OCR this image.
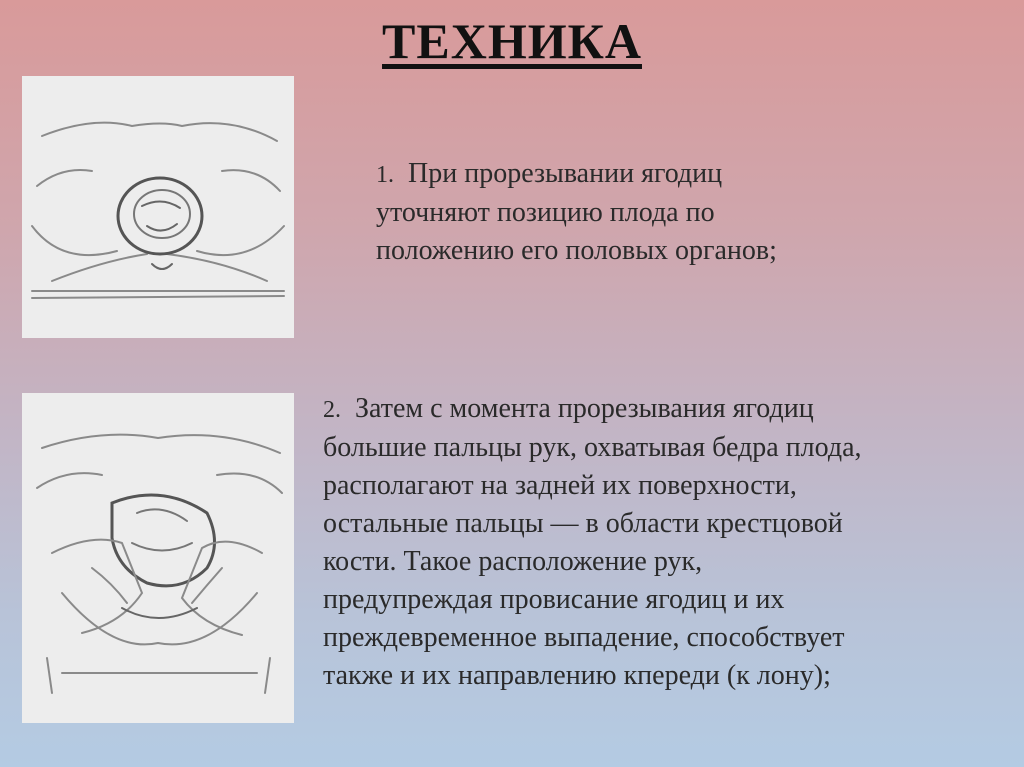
ТЕХНИКА
1. При прорезывании ягодиц
уточняют позицию плода по
положению его половых органов;
2. Затем с момента прорезывания ягодиц
большие пальцы рук, охватывая бедра плода,
располагают на задней их поверхности,
остальные пальцы — в области крестцовой
кости. Такое расположение рук,
предупреждая провисание ягодиц и их
преждевременное выпадение, способствует
также и их направлению кпереди (к лону);
